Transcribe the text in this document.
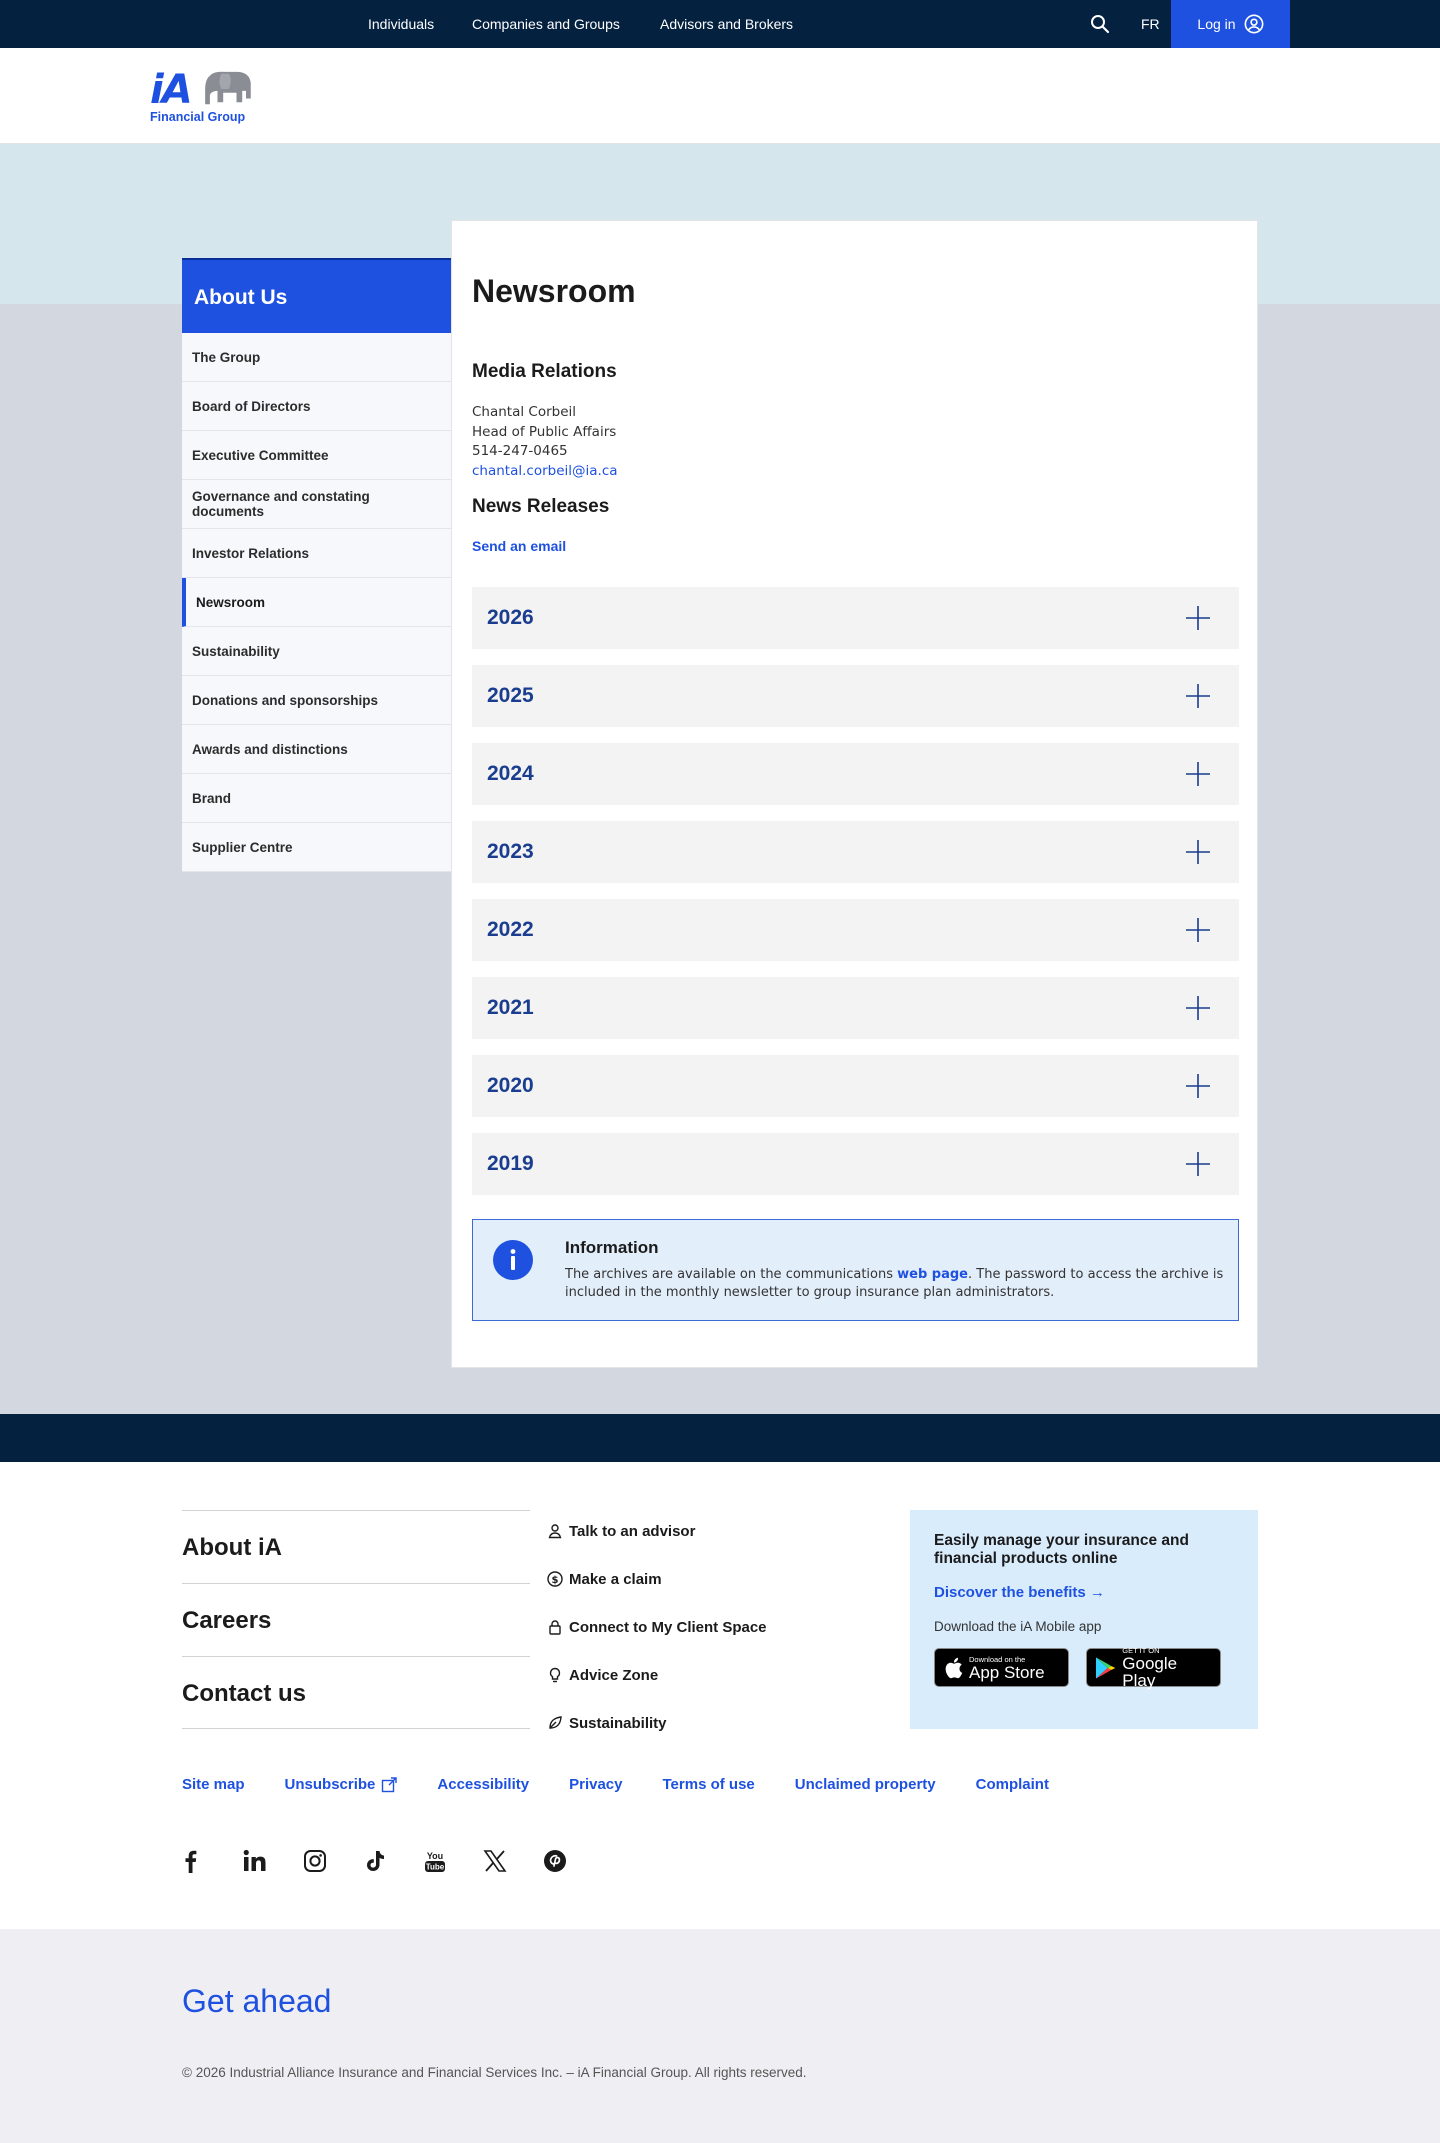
Individuals	Companies and Groups	Advisors and Brokers	FR	Log in
iA
Financial Group
About Us
The Group
Board of Directors
Executive Committee
Governance and constating documents
Investor Relations
Newsroom
Sustainability
Donations and sponsorships
Awards and distinctions
Brand
Supplier Centre
Newsroom
Media Relations
Chantal Corbeil
Head of Public Affairs
514-247-0465
chantal.corbeil@ia.ca
News Releases
Send an email
2026
2025
2024
2023
2022
2021
2020
2019
Information
The archives are available on the communications web page. The password to access the archive is included in the monthly newsletter to group insurance plan administrators.
About iA
Careers
Contact us
Talk to an advisor
$ Make a claim
Connect to My Client Space
Advice Zone
Sustainability
Easily manage your insurance and financial products online
Discover the benefits →
Download the iA Mobile app
Download on the
App Store
GET IT ON
Google Play
Site map	Unsubscribe	Accessibility	Privacy	Terms of use	Unclaimed property	Complaint
You
Tube
Get ahead
© 2026 Industrial Alliance Insurance and Financial Services Inc. – iA Financial Group. All rights reserved.
